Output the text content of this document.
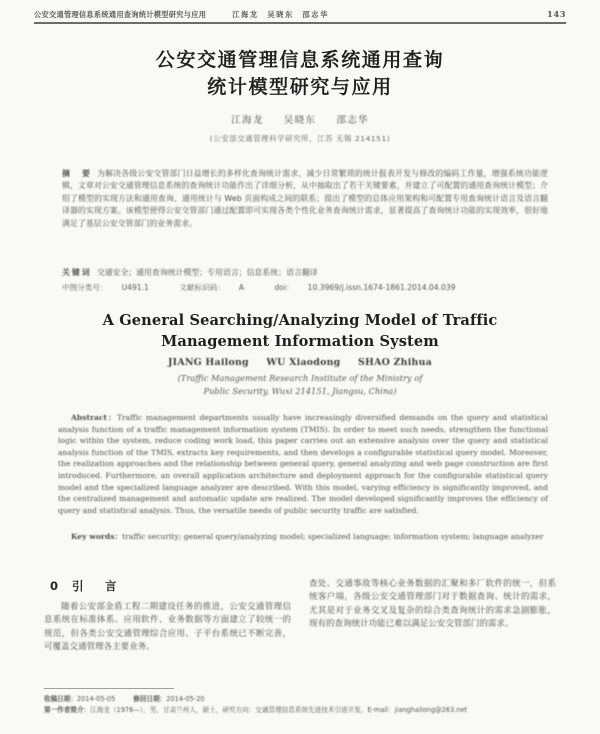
公安交通管理信息系统通用查询统计模型研究与应用	江海龙　吴晓东　邵志华	143
公安交通管理信息系统通用查询
统计模型研究与应用
江海龙 吴晓东 邵志华
(公安部交通管理科学研究所，江苏 无锡 214151)
摘　要 为解决各级公安交管部门日益增长的多样化查询统计需求、减少日常繁琐的统计报表开发与修改的编码工作量，增强系统功能逻辑，文章对公安交通管理信息系统的查询统计功能作出了详细分析，从中抽取出了若干关键要素，并建立了可配置的通用查询统计模型；介绍了模型的实现方法和通用查询、通用统计与 Web 页面构成之间的联系；提出了模型的总体应用架构和可配置专用查询统计语言及语言翻译器的实现方案。该模型使得公安交管部门通过配置即可实现各类个性化业务查询统计需求，显著提高了查询统计功能的实现效率，很好地满足了基层公安交管部门的业务需求。
关键词 交通安全；通用查询统计模型；专用语言；信息系统；语言翻译
中图分类号： U491.1	文献标识码： A	doi： 10.3969/j.issn.1674-1861.2014.04.039
A General Searching/Analyzing Model of Traffic
Management Information System
JIANG Hailong WU Xiaodong SHAO Zhihua
(Traffic Management Research Institute of the Ministry of
Public Security, Wuxi 214151, Jiangsu, China)
Abstract：Traffic management departments usually have increasingly diversified demands on the query and statistical analysis function of a traffic management information system (TMIS). In order to meet such needs, strengthen the functional logic within the system, reduce coding work load, this paper carries out an extensive analysis over the query and statistical analysis function of the TMIS, extracts key requirements, and then develops a configurable statistical query model. Moreover, the realization approaches and the relationship between general query, general analyzing and web page construction are first introduced. Furthermore, an overall application architecture and deployment approach for the configurable statistical query model and the specialized language analyzer are described. With this model, varying efficiency is significantly improved, and the centralized management and automatic update are realized. The model developed significantly improves the efficiency of query and statistical analysis. Thus, the versatile needs of public security traffic are satisfied.
Key words：traffic security; general query/analyzing model; specialized language; information system; language analyzer
0 引　言

随着公安部金盾工程二期建设任务的推进，公安交通管理信息系统在标准体系、应用软件、业务数据等方面建立了较统一的规范，但各类公安交通管理综合应用、子平台系统已不断完善，可覆盖交通管理各主要业务。

查处、交通事故等核心业务数据的汇聚和多厂软件的统一，但系统客户端，各级公安交通管理部门对于数据查询、统计的需求，尤其是对于业务交叉及复杂的综合类查询统计的需求急剧膨胀，现有的查询统计功能已难以满足公安交管部门的需求。

收稿日期：2014-05-05	修回日期：2014-05-20
第一作者简介：江海龙（1976—），男，甘肃兰州人，硕士，研究方向：交通管理信息系统先进技术引进开发。E-mail：jianghailong@263.net
